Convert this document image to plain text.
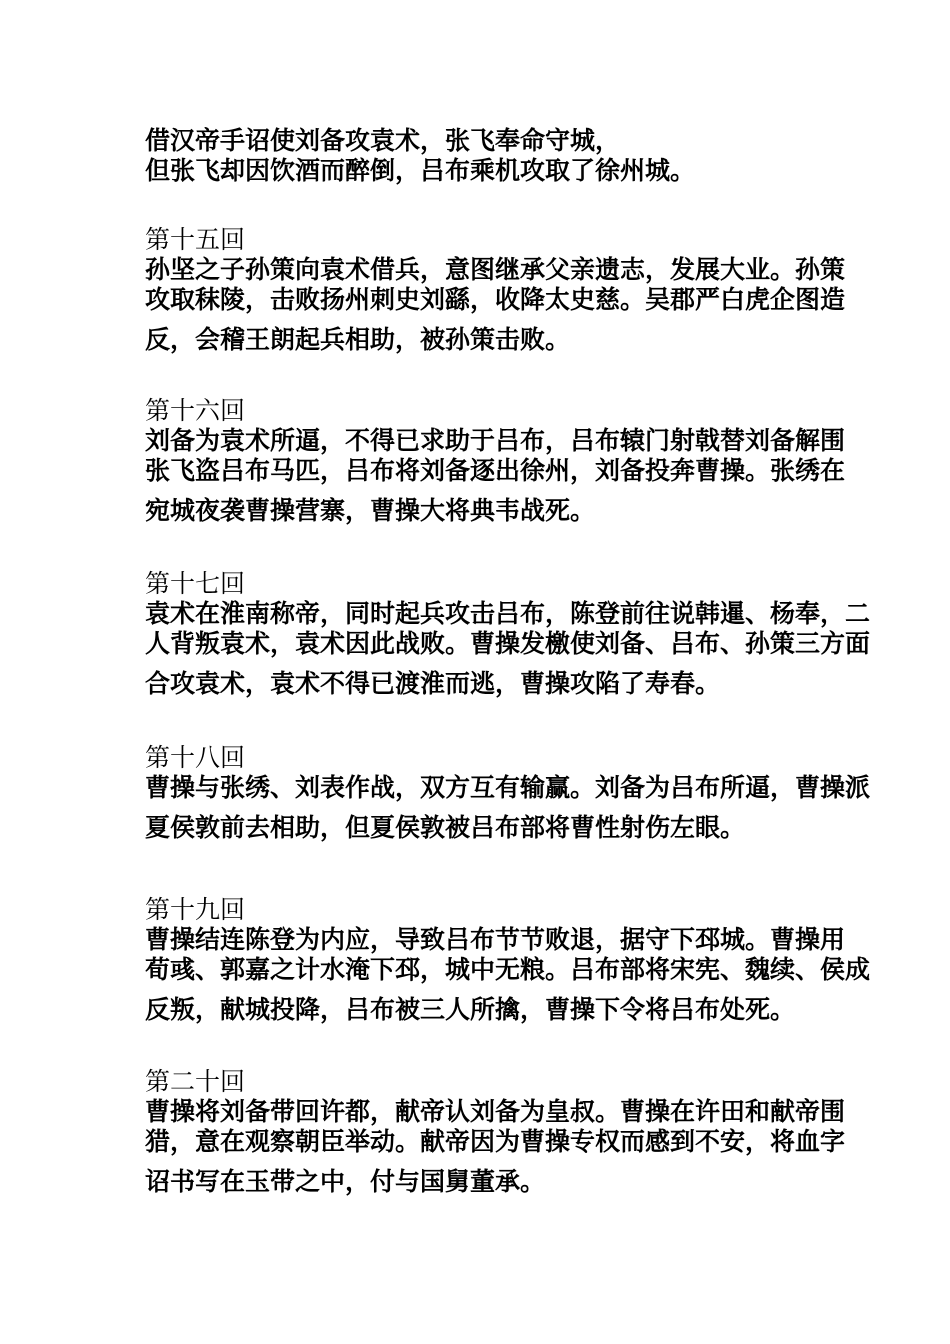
借汉帝手诏使刘备攻袁术，张飞奉命守城，
但张飞却因饮酒而醉倒，吕布乘机攻取了徐州城。
第十五回
孙坚之子孙策向袁术借兵，意图继承父亲遗志，发展大业。孙策
攻取秣陵，击败扬州刺史刘繇，收降太史慈。吴郡严白虎企图造
反，会稽王朗起兵相助，被孙策击败。
第十六回
刘备为袁术所逼，不得已求助于吕布，吕布辕门射戟替刘备解围
张飞盗吕布马匹，吕布将刘备逐出徐州，刘备投奔曹操。张绣在
宛城夜袭曹操营寨，曹操大将典韦战死。
第十七回
袁术在淮南称帝，同时起兵攻击吕布，陈登前往说韩暹、杨奉，二
人背叛袁术，袁术因此战败。曹操发檄使刘备、吕布、孙策三方面
合攻袁术，袁术不得已渡淮而逃，曹操攻陷了寿春。
第十八回
曹操与张绣、刘表作战，双方互有输赢。刘备为吕布所逼，曹操派
夏侯敦前去相助，但夏侯敦被吕布部将曹性射伤左眼。
第十九回
曹操结连陈登为内应，导致吕布节节败退，据守下邳城。曹操用
荀彧、郭嘉之计水淹下邳，城中无粮。吕布部将宋宪、魏续、侯成
反叛，献城投降，吕布被三人所擒，曹操下令将吕布处死。
第二十回
曹操将刘备带回许都，献帝认刘备为皇叔。曹操在许田和献帝围
猎，意在观察朝臣举动。献帝因为曹操专权而感到不安，将血字
诏书写在玉带之中，付与国舅董承。
